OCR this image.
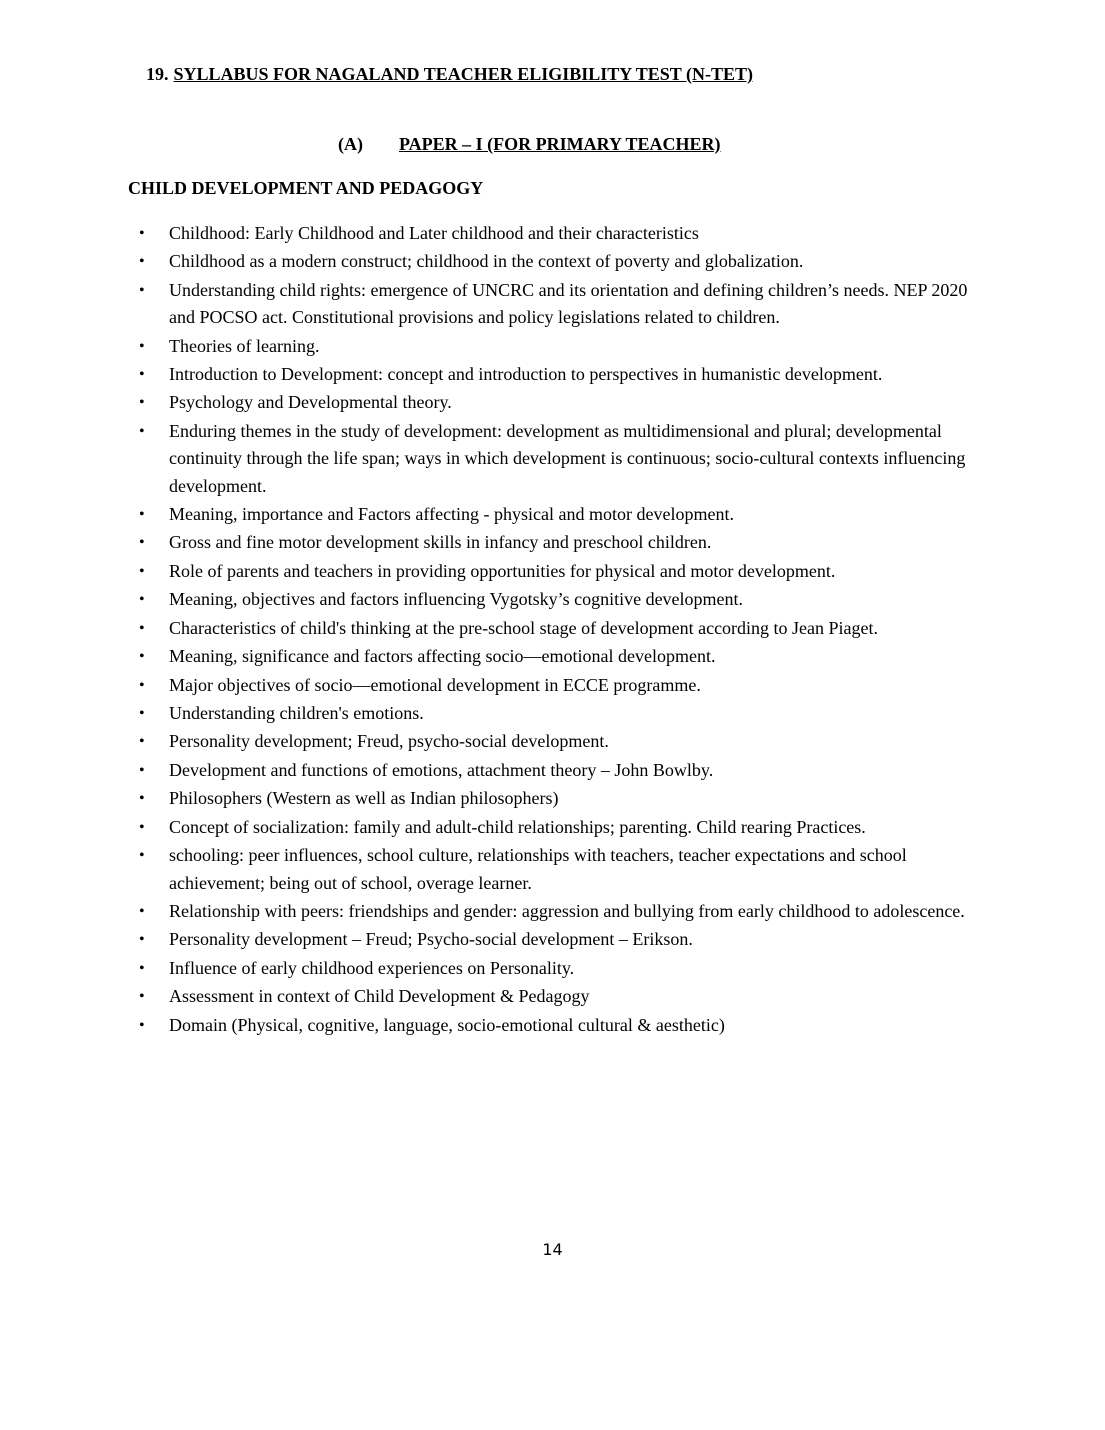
19. SYLLABUS FOR NAGALAND TEACHER ELIGIBILITY TEST (N-TET)
(A) PAPER – I (FOR PRIMARY TEACHER)
CHILD DEVELOPMENT AND PEDAGOGY
• Childhood: Early Childhood and Later childhood and their characteristics
• Childhood as a modern construct; childhood in the context of poverty and globalization.
• Understanding child rights: emergence of UNCRC and its orientation and defining children’s needs. NEP 2020 and POCSO act. Constitutional provisions and policy legislations related to children.
• Theories of learning.
• Introduction to Development: concept and introduction to perspectives in humanistic development.
• Psychology and Developmental theory.
• Enduring themes in the study of development: development as multidimensional and plural; developmental continuity through the life span; ways in which development is continuous; socio-cultural contexts influencing development.
• Meaning, importance and Factors affecting - physical and motor development.
• Gross and fine motor development skills in infancy and preschool children.
• Role of parents and teachers in providing opportunities for physical and motor development.
• Meaning, objectives and factors influencing Vygotsky’s cognitive development.
• Characteristics of child's thinking at the pre-school stage of development according to Jean Piaget.
• Meaning, significance and factors affecting socio—emotional development.
• Major objectives of socio—emotional development in ECCE programme.
• Understanding children's emotions.
• Personality development; Freud, psycho-social development.
• Development and functions of emotions, attachment theory – John Bowlby.
• Philosophers (Western as well as Indian philosophers)
• Concept of socialization: family and adult-child relationships; parenting. Child rearing Practices.
• schooling: peer influences, school culture, relationships with teachers, teacher expectations and school achievement; being out of school, overage learner.
• Relationship with peers: friendships and gender: aggression and bullying from early childhood to adolescence.
• Personality development – Freud; Psycho-social development – Erikson.
• Influence of early childhood experiences on Personality.
• Assessment in context of Child Development & Pedagogy
• Domain (Physical, cognitive, language, socio-emotional cultural & aesthetic)
14
